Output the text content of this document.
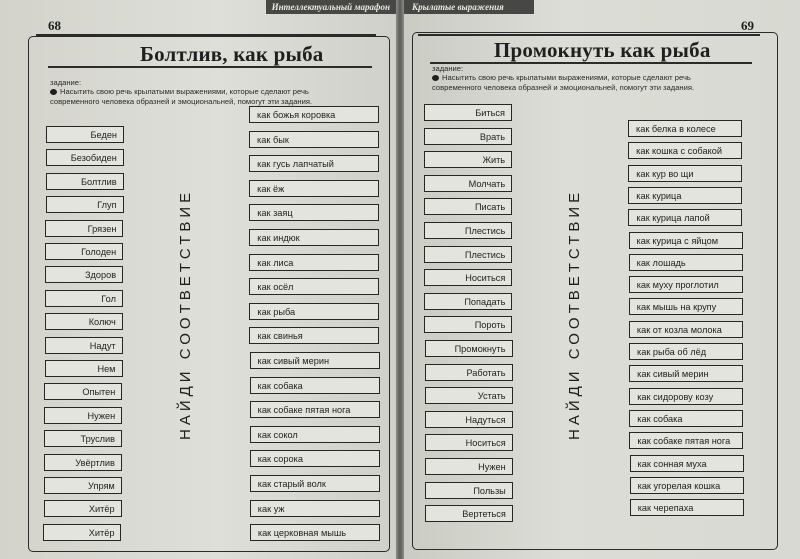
Интеллектуальный марафон
68
Болтлив, как рыба
задание:
Насытить свою речь крылатыми выражениями, которые сделают речь современного человека образней и эмоциональней, помогут эти задания.
НАЙДИ СООТВЕТСТВИЕ
Беден
Безобиден
Болтлив
Глуп
Грязен
Голоден
Здоров
Гол
Колюч
Надут
Нем
Опытен
Нужен
Труслив
Увёртлив
Упрям
Хитёр
Хитёр
как божья коровка
как бык
как гусь лапчатый
как ёж
как заяц
как индюк
как лиса
как осёл
как рыба
как свинья
как сивый мерин
как собака
как собаке пятая нога
как сокол
как сорока
как старый волк
как уж
как церковная мышь
Крылатые выражения
69
Промокнуть как рыба
задание:
Насытить свою речь крылатыми выражениями, которые сделают речь современного человека образней и эмоциональней, помогут эти задания.
НАЙДИ СООТВЕТСТВИЕ
Биться
Врать
Жить
Молчать
Писать
Плестись
Плестись
Носиться
Попадать
Пороть
Промокнуть
Работать
Устать
Надуться
Носиться
Нужен
Пользы
Вертеться
как белка в колесе
как кошка с собакой
как кур во щи
как курица
как курица лапой
как курица с яйцом
как лошадь
как муху проглотил
как мышь на крупу
как от козла молока
как рыба об лёд
как сивый мерин
как сидорову козу
как собака
как собаке пятая нога
как сонная муха
как угорелая кошка
как черепаха
